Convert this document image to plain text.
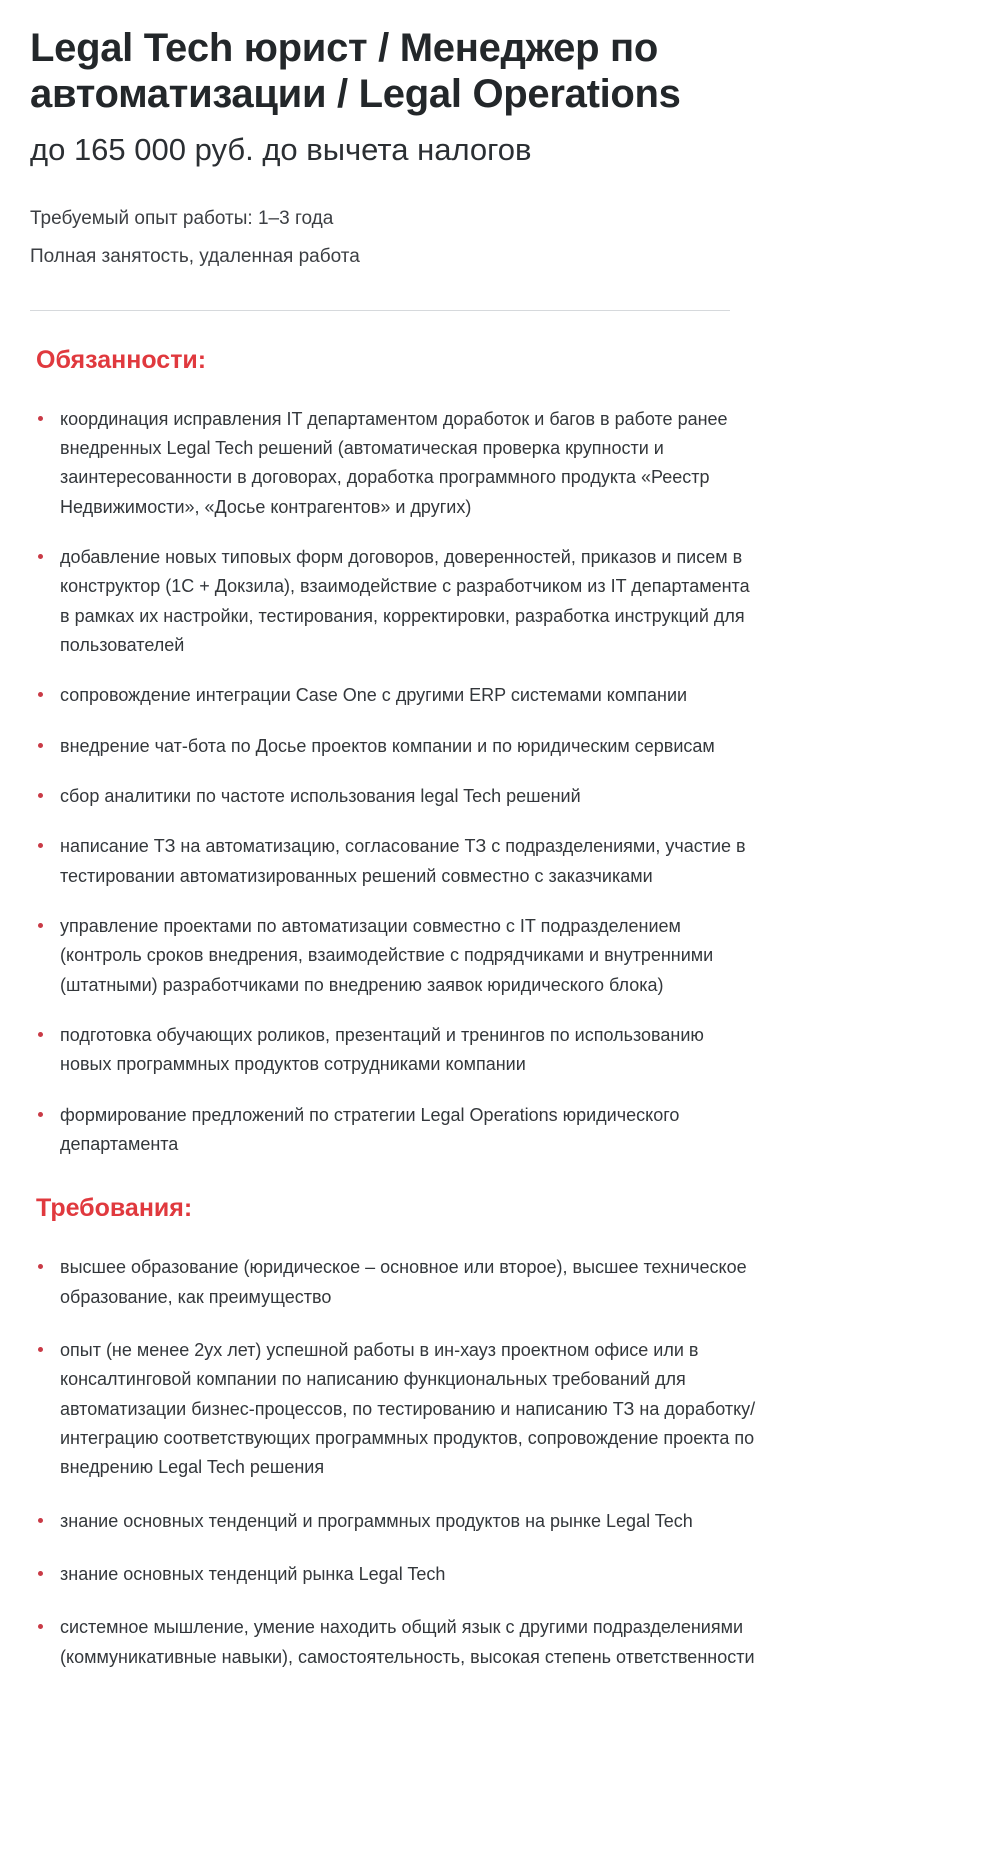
Legal Tech юрист / Менеджер по автоматизации / Legal Operations
до 165 000 руб. до вычета налогов

Требуемый опыт работы: 1–3 года

Полная занятость, удаленная работа

Обязанности:
координация исправления IT департаментом доработок и багов в работе ранее внедренных Legal Tech решений (автоматическая проверка крупности и заинтересованности в договорах, доработка программного продукта «Реестр Недвижимости», «Досье контрагентов» и других)
добавление новых типовых форм договоров, доверенностей, приказов и писем в конструктор (1С + Докзила), взаимодействие с разработчиком из IT департамента в рамках их настройки, тестирования, корректировки, разработка инструкций для пользователей
сопровождение интеграции Case One с другими ERP системами компании
внедрение чат-бота по Досье проектов компании и по юридическим сервисам
сбор аналитики по частоте использования legal Tech решений
написание ТЗ на автоматизацию, согласование ТЗ с подразделениями, участие в тестировании автоматизированных решений совместно с заказчиками
управление проектами по автоматизации совместно с IT подразделением (контроль сроков внедрения, взаимодействие с подрядчиками и внутренними (штатными) разработчиками по внедрению заявок юридического блока)
подготовка обучающих роликов, презентаций и тренингов по использованию новых программных продуктов сотрудниками компании
формирование предложений по стратегии Legal Operations юридического департамента
Требования:
высшее образование (юридическое – основное или второе), высшее техническое образование, как преимущество
опыт (не менее 2ух лет) успешной работы в ин-хауз проектном офисе или в консалтинговой компании по написанию функциональных требований для автоматизации бизнес-процессов, по тестированию и написанию ТЗ на доработку/интеграцию соответствующих программных продуктов, сопровождение проекта по внедрению Legal Tech решения
знание основных тенденций и программных продуктов на рынке Legal Tech
знание основных тенденций рынка Legal Tech
системное мышление, умение находить общий язык с другими подразделениями (коммуникативные навыки), самостоятельность, высокая степень ответственности
